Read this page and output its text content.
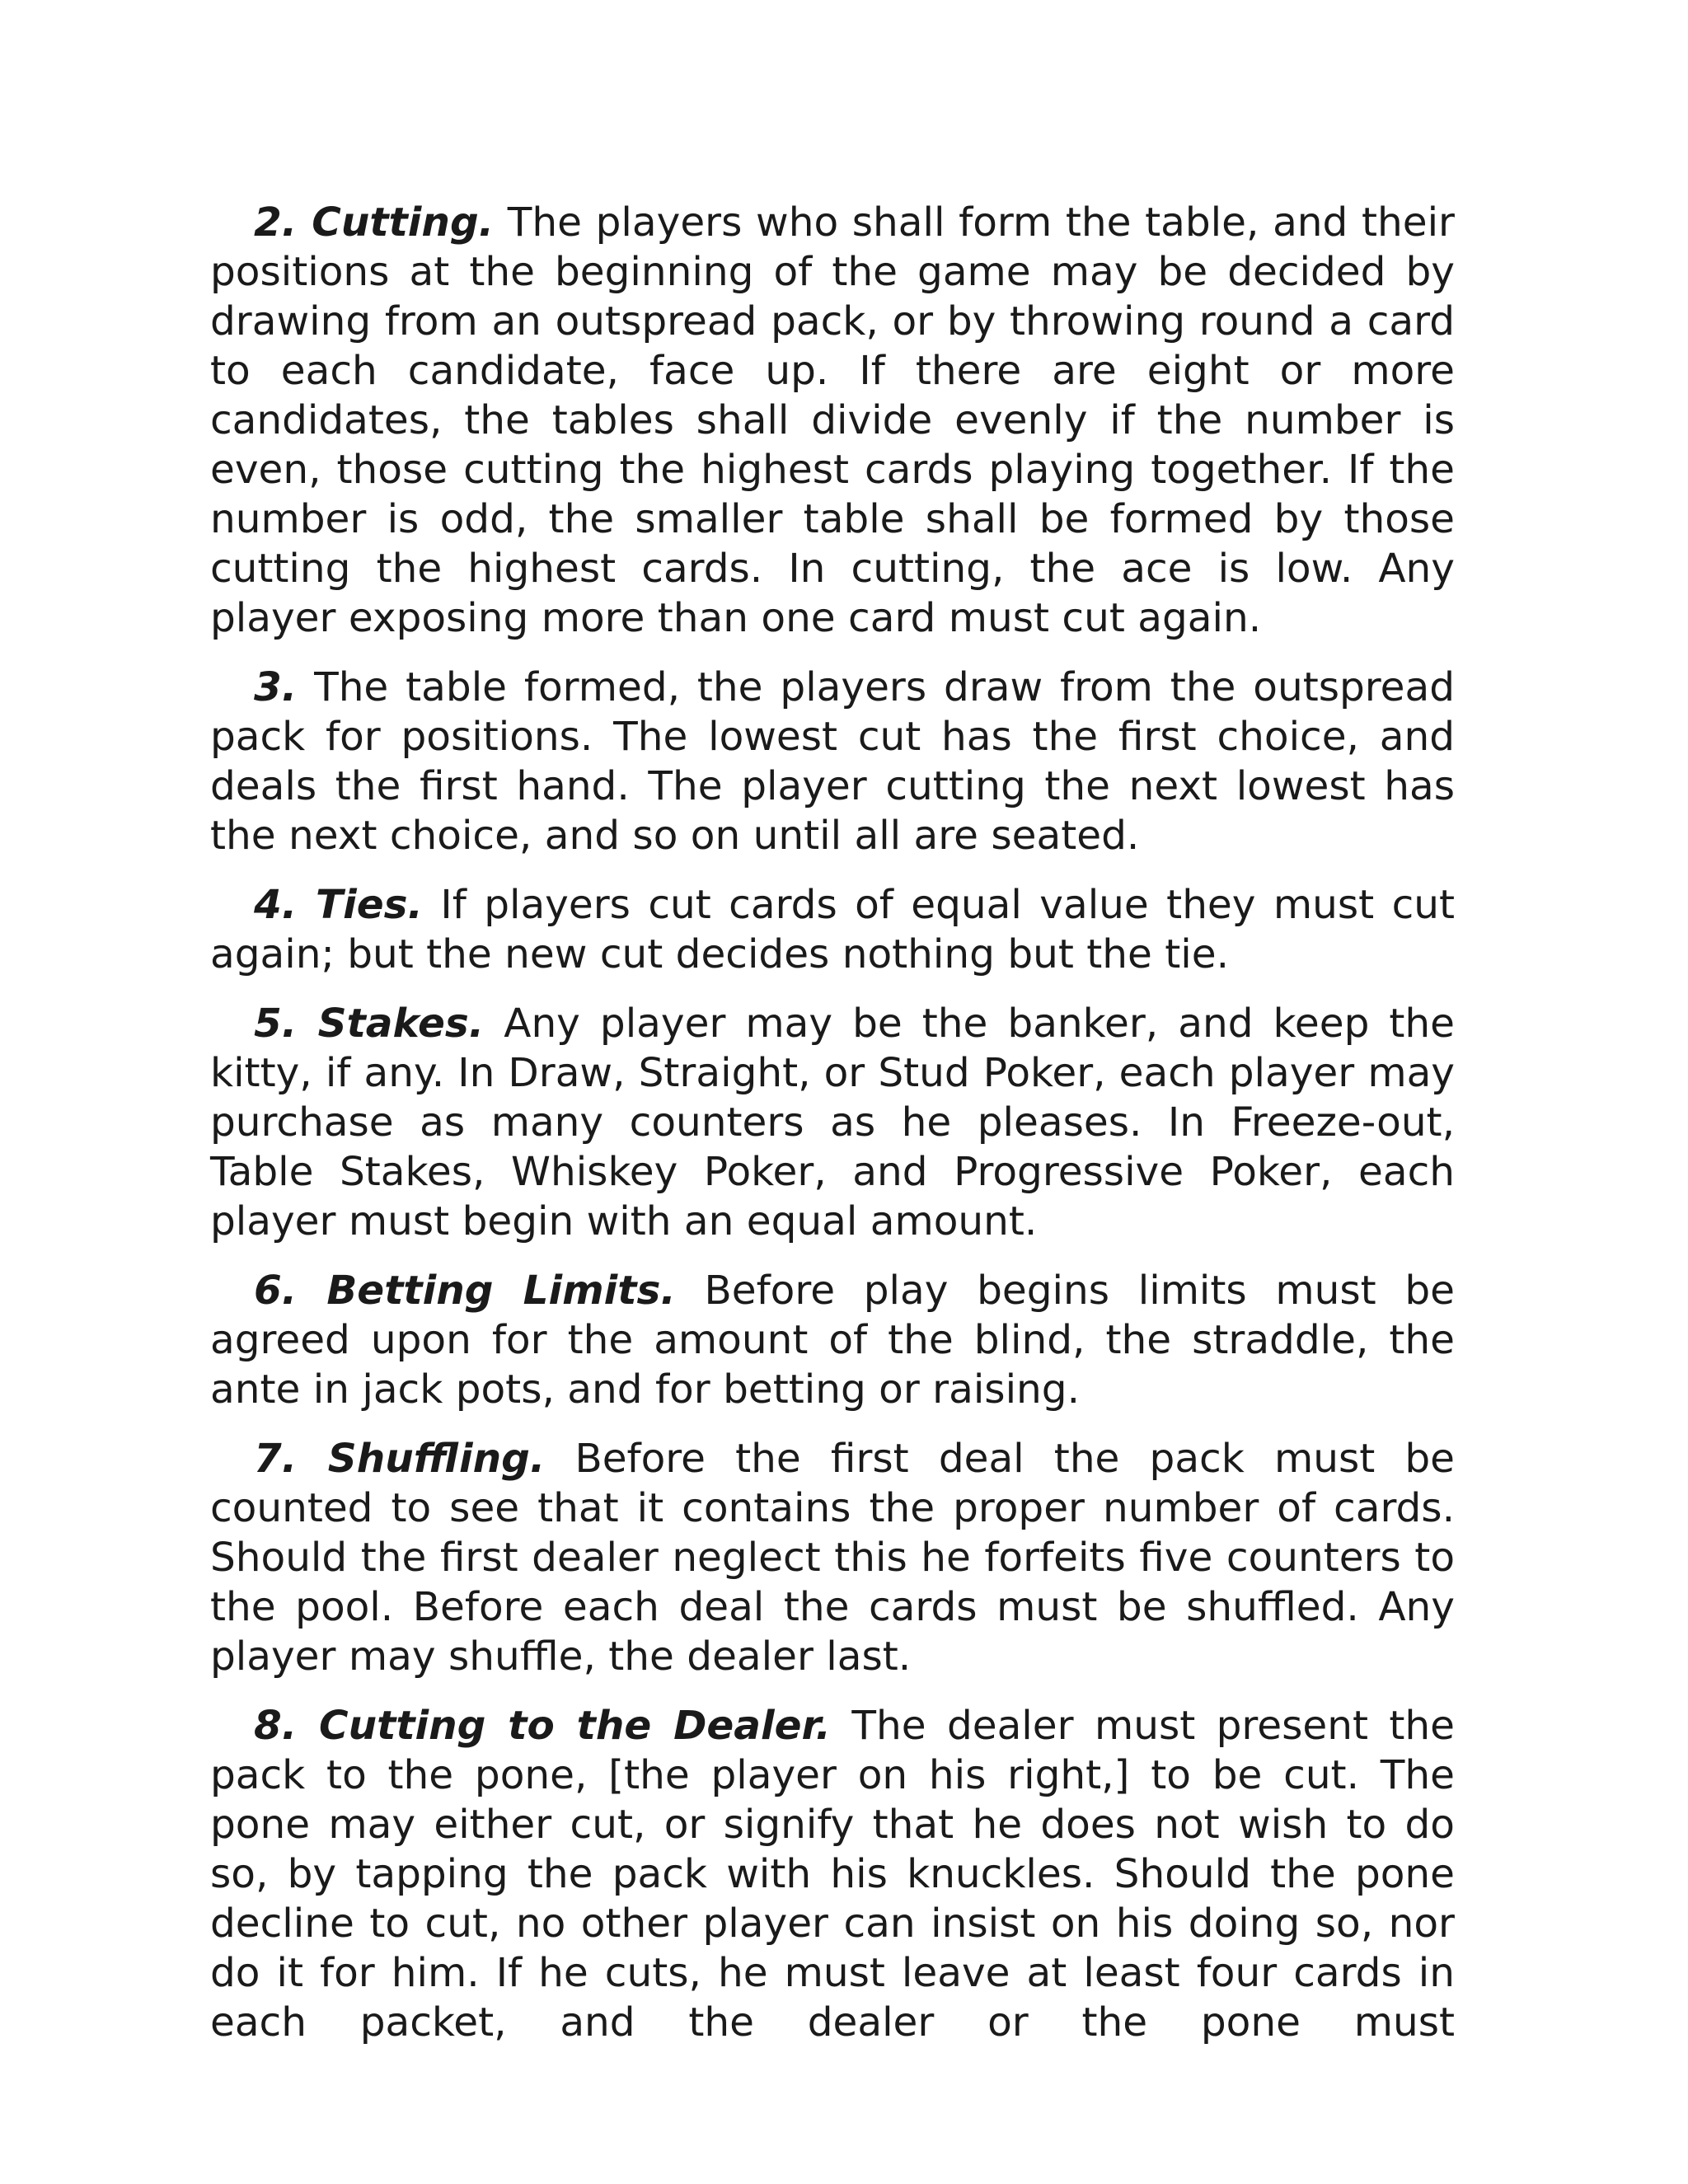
2. Cutting. The players who shall form the table, and their positions at the beginning of the game may be decided by drawing from an outspread pack, or by throwing round a card to each candidate, face up. If there are eight or more candidates, the tables shall divide evenly if the number is even, those cutting the highest cards playing together. If the number is odd, the smaller table shall be formed by those cutting the highest cards. In cutting, the ace is low. Any player exposing more than one card must cut again.

3. The table formed, the players draw from the outspread pack for positions. The lowest cut has the first choice, and deals the first hand. The player cutting the next lowest has the next choice, and so on until all are seated.

4. Ties. If players cut cards of equal value they must cut again; but the new cut decides nothing but the tie.

5. Stakes. Any player may be the banker, and keep the kitty, if any. In Draw, Straight, or Stud Poker, each player may purchase as many counters as he pleases. In Freeze-out, Table Stakes, Whiskey Poker, and Progressive Poker, each player must begin with an equal amount.

6. Betting Limits. Before play begins limits must be agreed upon for the amount of the blind, the straddle, the ante in jack pots, and for betting or raising.

7. Shuffling. Before the first deal the pack must be counted to see that it contains the proper number of cards. Should the first dealer neglect this he forfeits five counters to the pool. Before each deal the cards must be shuffled. Any player may shuffle, the dealer last.

8. Cutting to the Dealer. The dealer must present the pack to the pone, [the player on his right,] to be cut. The pone may either cut, or signify that he does not wish to do so, by tapping the pack with his knuckles. Should the pone decline to cut, no other player can insist on his doing so, nor do it for him. If he cuts, he must leave at least four cards in each packet, and the dealer or the pone must
